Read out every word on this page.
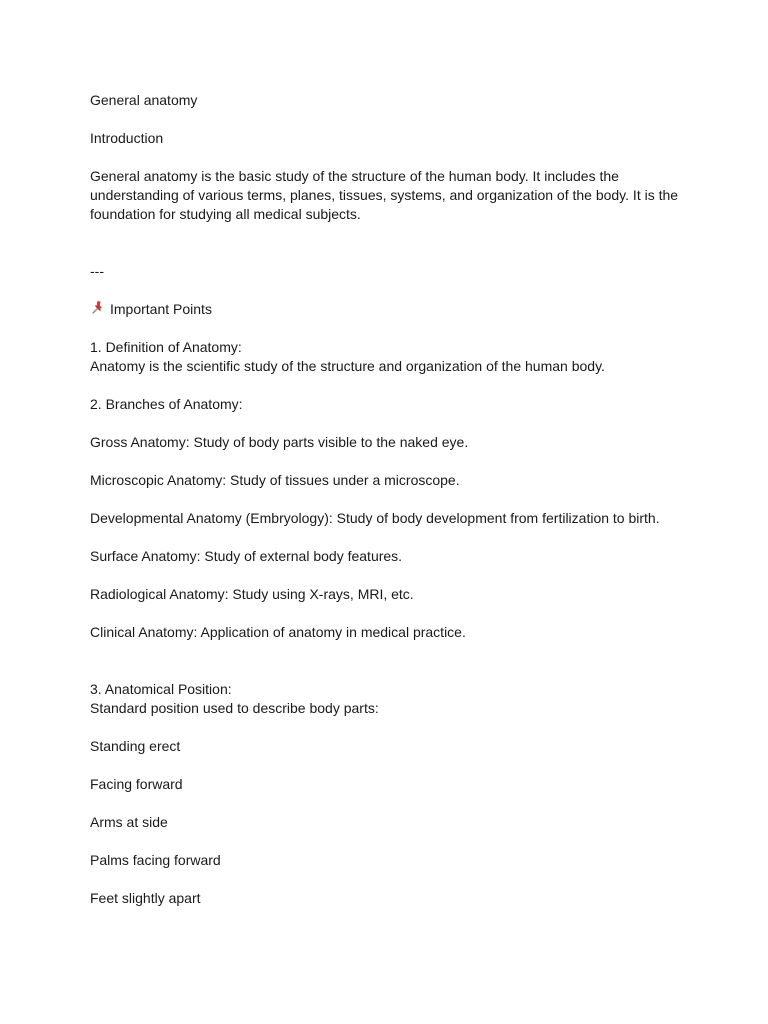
General anatomy

Introduction

General anatomy is the basic study of the structure of the human body. It includes the understanding of various terms, planes, tissues, systems, and organization of the body. It is the foundation for studying all medical subjects.

---

Important Points

1. Definition of Anatomy:

Anatomy is the scientific study of the structure and organization of the human body.

2. Branches of Anatomy:

Gross Anatomy: Study of body parts visible to the naked eye.

Microscopic Anatomy: Study of tissues under a microscope.

Developmental Anatomy (Embryology): Study of body development from fertilization to birth.

Surface Anatomy: Study of external body features.

Radiological Anatomy: Study using X-rays, MRI, etc.

Clinical Anatomy: Application of anatomy in medical practice.

3. Anatomical Position:

Standard position used to describe body parts:

Standing erect

Facing forward

Arms at side

Palms facing forward

Feet slightly apart
